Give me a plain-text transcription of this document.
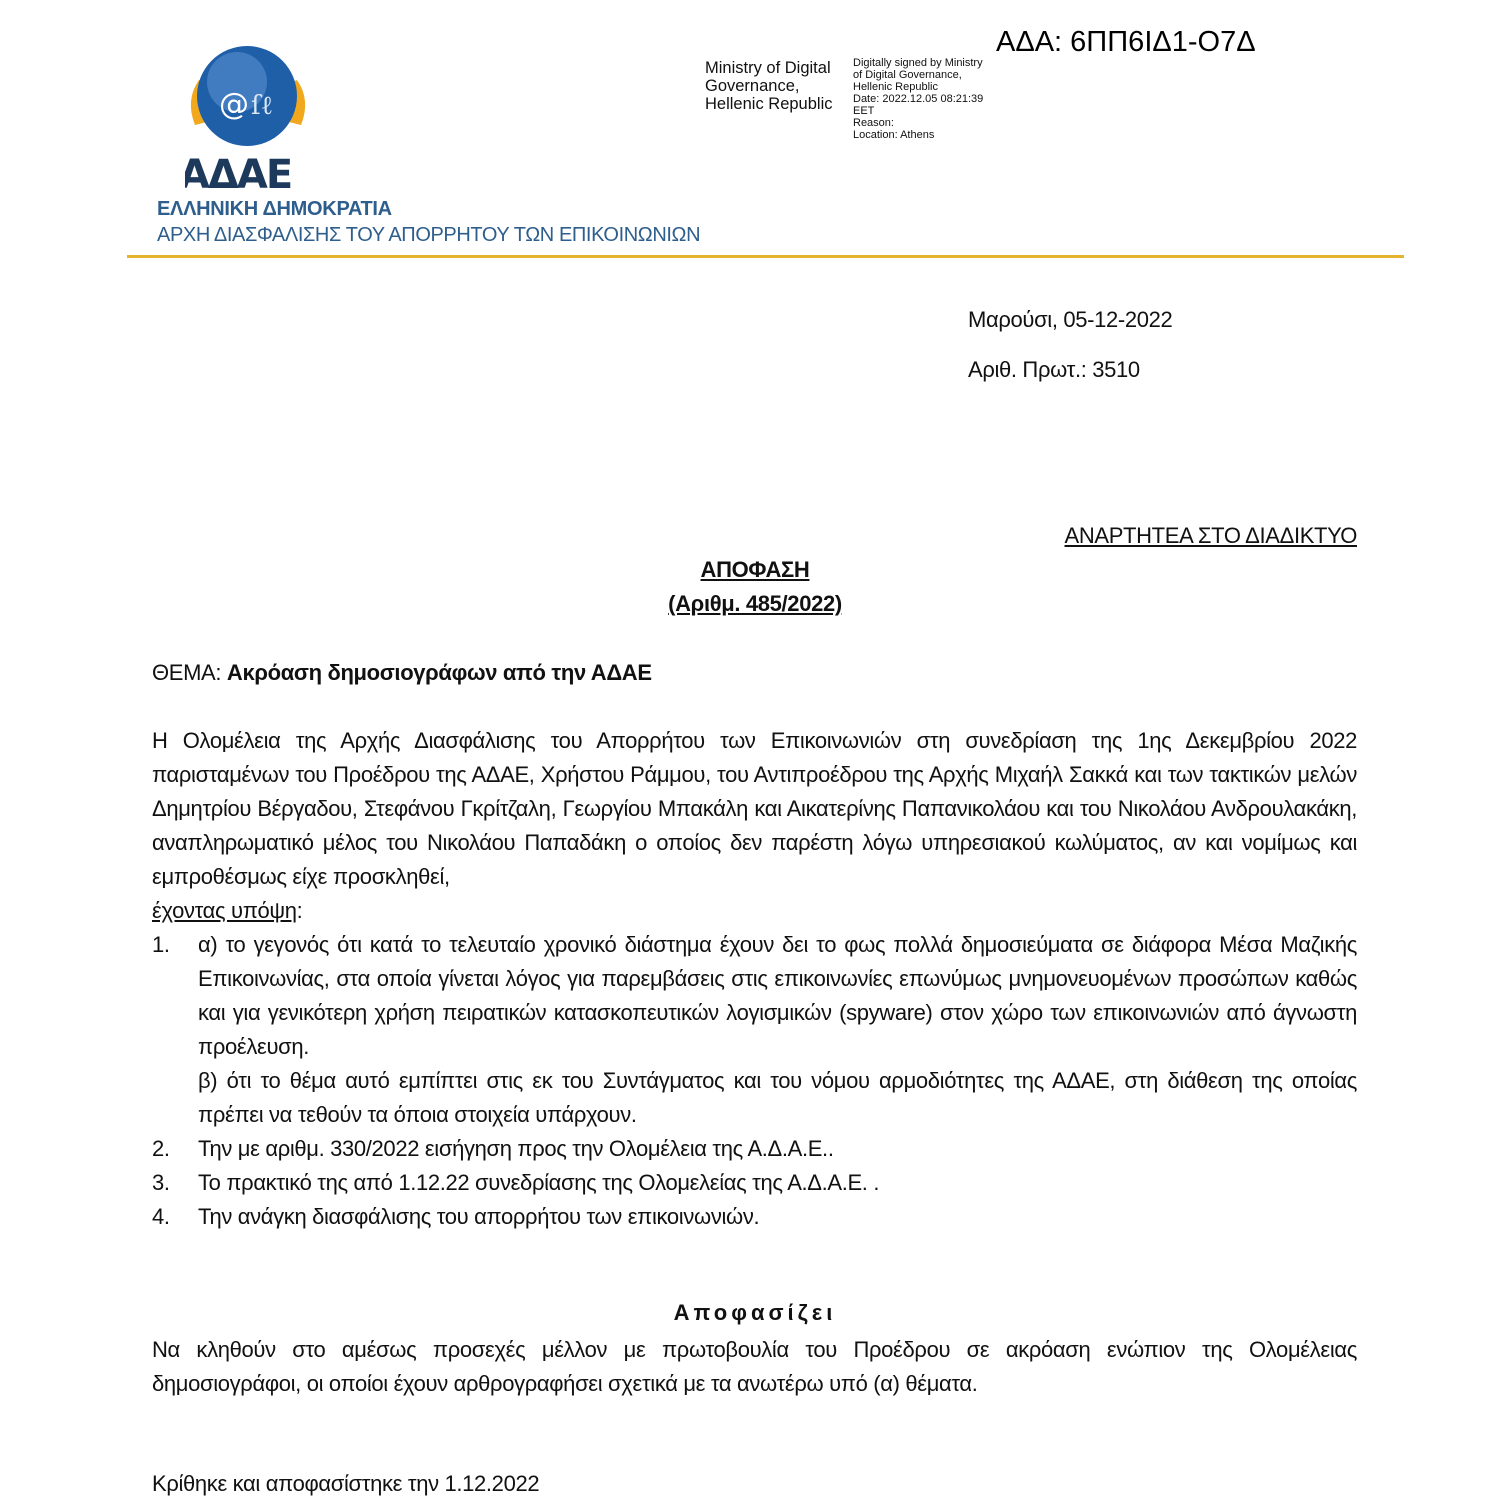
ΑΔΑ: 6ΠΠ6ΙΔ1-Ο7Δ
Ministry of Digital
Governance,
Hellenic Republic
Digitally signed by Ministry
of Digital Governance,
Hellenic Republic
Date: 2022.12.05 08:21:39
EET
Reason:
Location: Athens
@ ſℓ
ΑΔΑΕ
ΕΛΛΗΝΙΚΗ ΔΗΜΟΚΡΑΤΙΑ
ΑΡΧΗ ΔΙΑΣΦΑΛΙΣΗΣ ΤΟΥ ΑΠΟΡΡΗΤΟΥ ΤΩΝ ΕΠΙΚΟΙΝΩΝΙΩΝ
Μαρούσι, 05-12-2022
Αριθ. Πρωτ.: 3510
ΑΝΑΡΤΗΤΕΑ ΣΤΟ ΔΙΑΔΙΚΤΥΟ
ΑΠΟΦΑΣΗ
(Αριθμ. 485/2022)
ΘΕΜΑ: Ακρόαση δημοσιογράφων από την ΑΔΑΕ
Η Ολομέλεια της Αρχής Διασφάλισης του Απορρήτου των Επικοινωνιών στη συνεδρίαση της 1ης Δεκεμβρίου 2022 παρισταμένων του Προέδρου της ΑΔΑΕ, Χρήστου Ράμμου, του Αντιπροέδρου της Αρχής Μιχαήλ Σακκά και των τακτικών μελών Δημητρίου Βέργαδου, Στεφάνου Γκρίτζαλη, Γεωργίου Μπακάλη και Αικατερίνης Παπανικολάου και του Νικολάου Ανδρουλακάκη, αναπληρωματικό μέλος του Νικολάου Παπαδάκη ο οποίος δεν παρέστη λόγω υπηρεσιακού κωλύματος, αν και νομίμως και εμπροθέσμως είχε προσκληθεί,
έχοντας υπόψη:
1. α) το γεγονός ότι κατά το τελευταίο χρονικό διάστημα έχουν δει το φως πολλά δημοσιεύματα σε διάφορα Μέσα Μαζικής Επικοινωνίας, στα οποία γίνεται λόγος για παρεμβάσεις στις επικοινωνίες επωνύμως μνημονευομένων προσώπων καθώς και για γενικότερη χρήση πειρατικών κατασκοπευτικών λογισμικών (spyware) στον χώρο των επικοινωνιών από άγνωστη προέλευση.
β) ότι το θέμα αυτό εμπίπτει στις εκ του Συντάγματος και του νόμου αρμοδιότητες της ΑΔΑΕ, στη διάθεση της οποίας πρέπει να τεθούν τα όποια στοιχεία υπάρχουν.
2. Την με αριθμ. 330/2022 εισήγηση προς την Ολομέλεια της Α.Δ.Α.Ε..
3. Το πρακτικό της από 1.12.22 συνεδρίασης της Ολομελείας της Α.Δ.Α.Ε. .
4. Την ανάγκη διασφάλισης του απορρήτου των επικοινωνιών.
Αποφασίζει
Να κληθούν στο αμέσως προσεχές μέλλον με πρωτοβουλία του Προέδρου σε ακρόαση ενώπιον της Ολομέλειας δημοσιογράφοι, οι οποίοι έχουν αρθρογραφήσει σχετικά με τα ανωτέρω υπό (α) θέματα.
Κρίθηκε και αποφασίστηκε την 1.12.2022
